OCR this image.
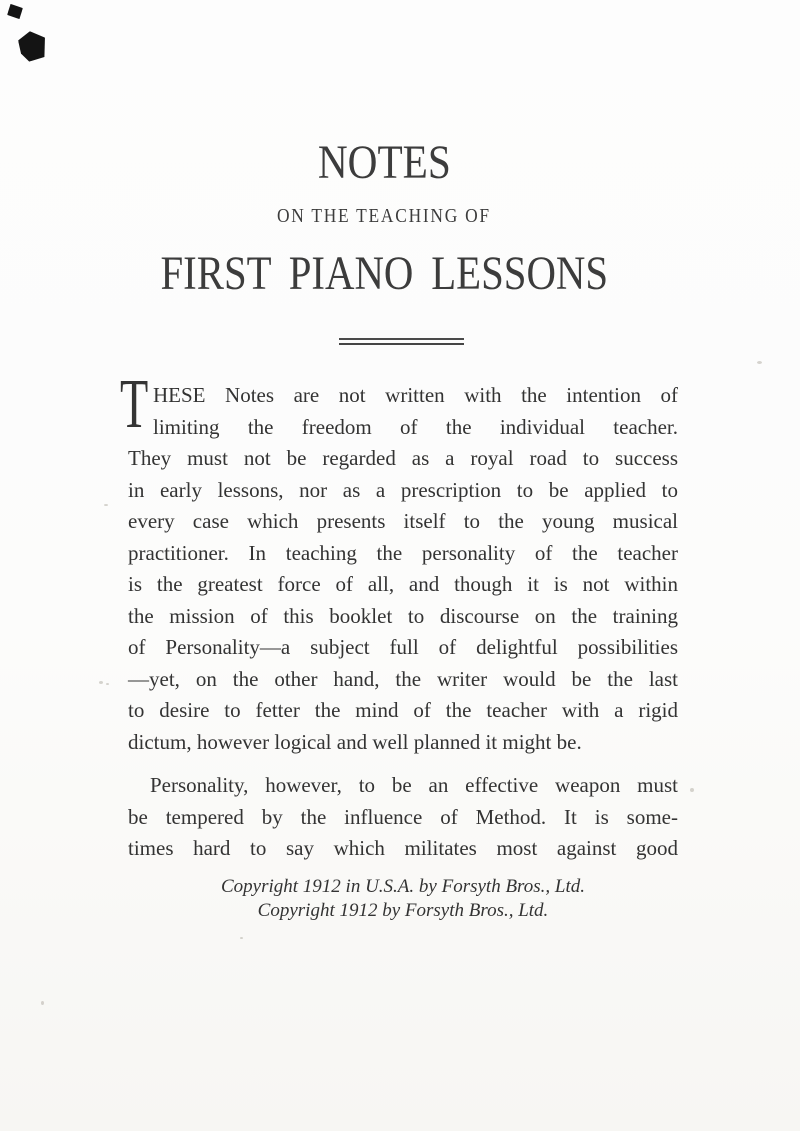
NOTES
ON THE TEACHING OF
FIRST PIANO LESSONS
T HESE Notes are not written with the intention of
limiting the freedom of the individual teacher.
They must not be regarded as a royal road to success
in early lessons, nor as a prescription to be applied to
every case which presents itself to the young musical
practitioner. In teaching the personality of the teacher
is the greatest force of all, and though it is not within
the mission of this booklet to discourse on the training
of Personality—a subject full of delightful possibilities
—yet, on the other hand, the writer would be the last
to desire to fetter the mind of the teacher with a rigid
dictum, however logical and well planned it might be.
Personality, however, to be an effective weapon must
be tempered by the influence of Method. It is some-
times hard to say which militates most against good
Copyright 1912 in U.S.A. by Forsyth Bros., Ltd.
Copyright 1912 by Forsyth Bros., Ltd.
